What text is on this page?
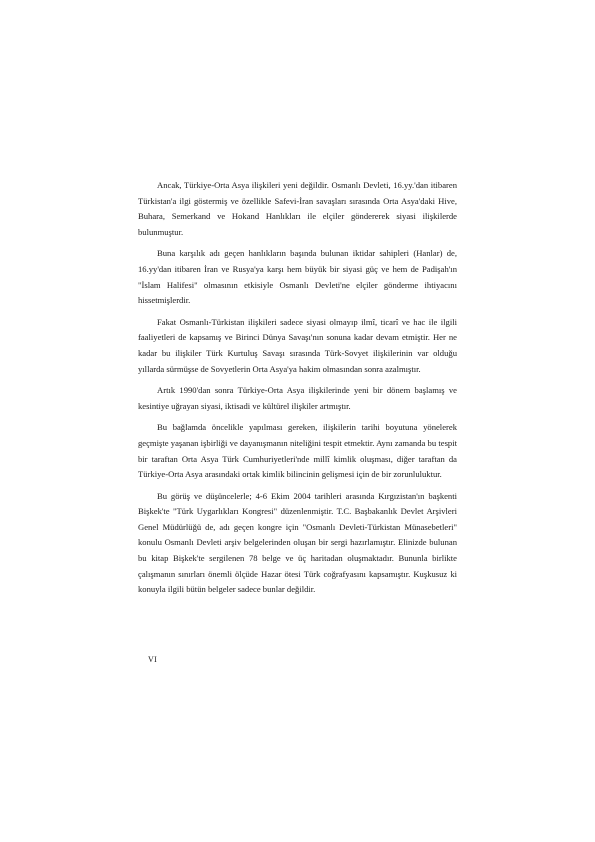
Ancak, Türkiye-Orta Asya ilişkileri yeni değildir. Osmanlı Devleti, 16.yy.'dan itibaren Türkistan'a ilgi göstermiş ve özellikle Safevi-İran savaşları sırasında Orta Asya'daki Hive, Buhara, Semerkand ve Hokand Hanlıkları ile elçiler göndererek siyasi ilişkilerde bulunmuştur.

Buna karşılık adı geçen hanlıkların başında bulunan iktidar sahipleri (Hanlar) de, 16.yy'dan itibaren İran ve Rusya'ya karşı hem büyük bir siyasi güç ve hem de Padişah'ın "İslam Halifesi" olmasının etkisiyle Osmanlı Devleti'ne elçiler gönderme ihtiyacını hissetmişlerdir.

Fakat Osmanlı-Türkistan ilişkileri sadece siyasi olmayıp ilmî, ticarî ve hac ile ilgili faaliyetleri de kapsamış ve Birinci Dünya Savaşı'nın sonuna kadar devam etmiştir. Her ne kadar bu ilişkiler Türk Kurtuluş Savaşı sırasında Türk-Sovyet ilişkilerinin var olduğu yıllarda sürmüşse de Sovyetlerin Orta Asya'ya hakim olmasından sonra azalmıştır.

Artık 1990'dan sonra Türkiye-Orta Asya ilişkilerinde yeni bir dönem başlamış ve kesintiye uğrayan siyasi, iktisadi ve kültürel ilişkiler artmıştır.

Bu bağlamda öncelikle yapılması gereken, ilişkilerin tarihi boyutuna yönelerek geçmişte yaşanan işbirliği ve dayanışmanın niteliğini tespit etmektir. Aynı zamanda bu tespit bir taraftan Orta Asya Türk Cumhuriyetleri'nde millî kimlik oluşması, diğer taraftan da Türkiye-Orta Asya arasındaki ortak kimlik bilincinin gelişmesi için de bir zorunluluktur.

Bu görüş ve düşüncelerle; 4-6 Ekim 2004 tarihleri arasında Kırgızistan'ın başkenti Bişkek'te "Türk Uygarlıkları Kongresi" düzenlenmiştir. T.C. Başbakanlık Devlet Arşivleri Genel Müdürlüğü de, adı geçen kongre için "Osmanlı Devleti-Türkistan Münasebetleri" konulu Osmanlı Devleti arşiv belgelerinden oluşan bir sergi hazırlamıştır. Elinizde bulunan bu kitap Bişkek'te sergilenen 78 belge ve üç haritadan oluşmaktadır. Bununla birlikte çalışmanın sınırları önemli ölçüde Hazar ötesi Türk coğrafyasını kapsamıştır. Kuşkusuz ki konuyla ilgili bütün belgeler sadece bunlar değildir.

VI
